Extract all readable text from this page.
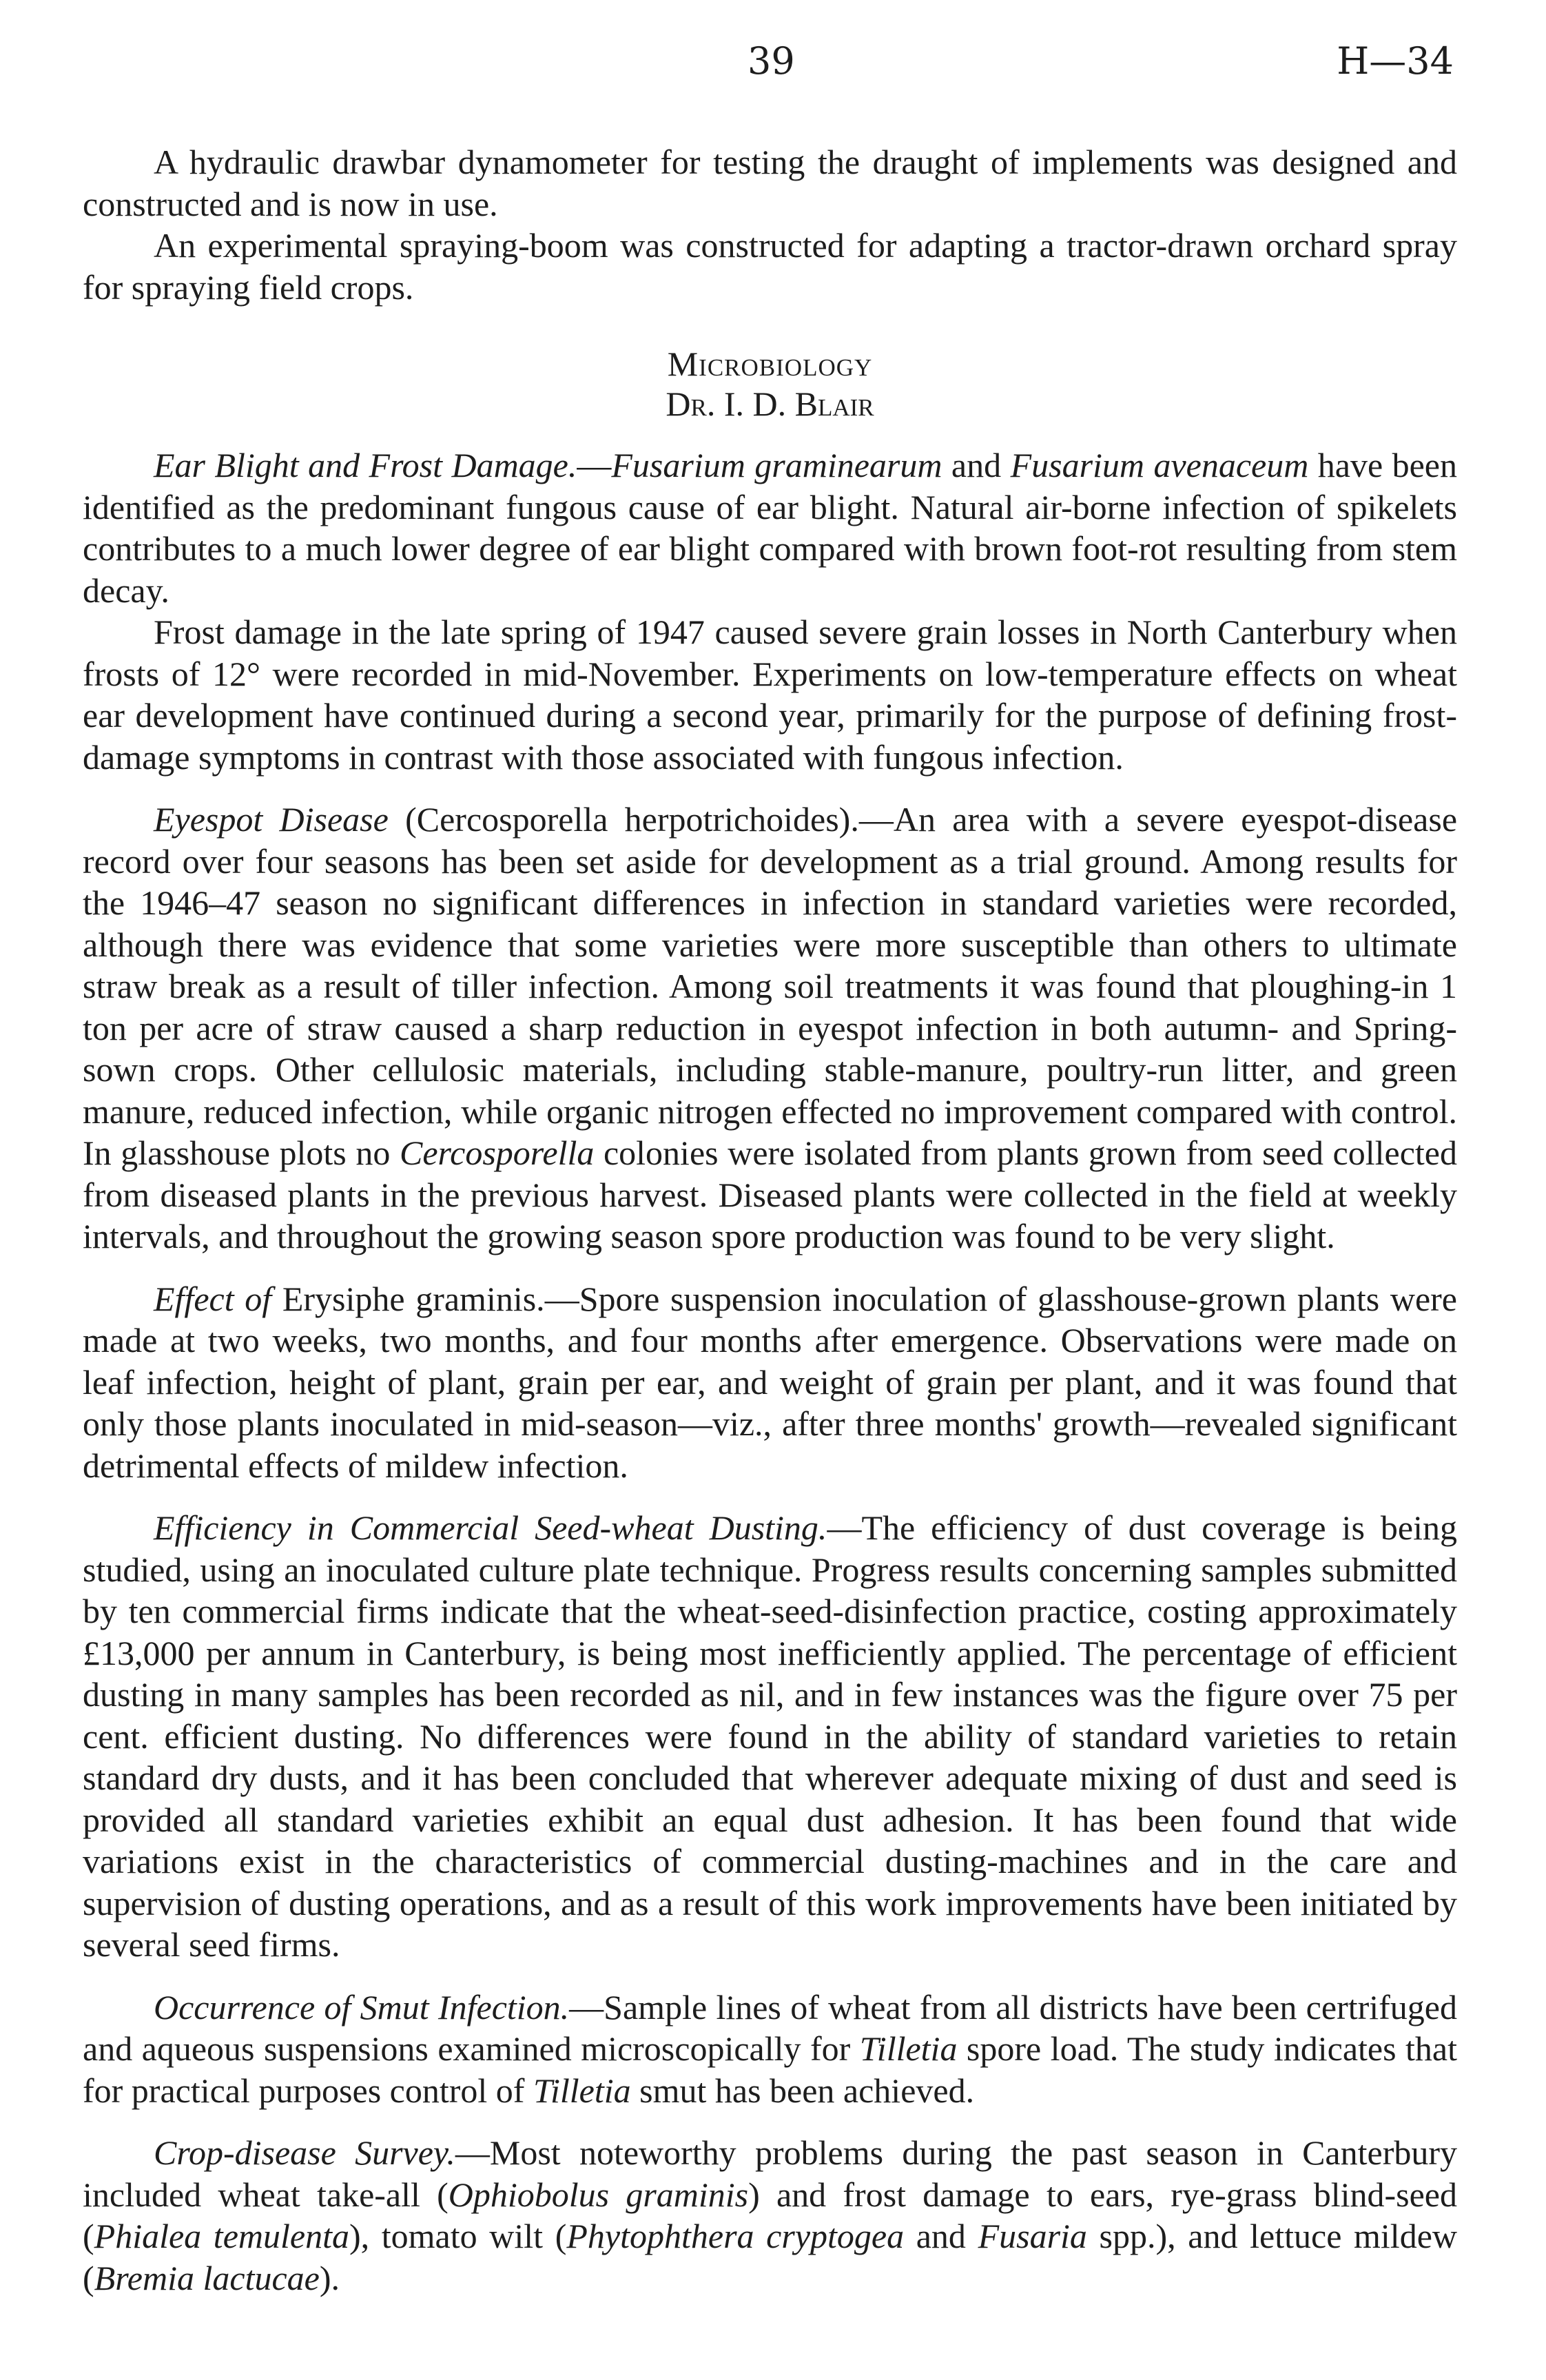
39	H—34

A hydraulic drawbar dynamometer for testing the draught of implements was designed and constructed and is now in use.

An experimental spraying-boom was constructed for adapting a tractor-drawn orchard spray for spraying field crops.

Microbiology
Dr. I. D. Blair

Ear Blight and Frost Damage.—Fusarium graminearum and Fusarium avenaceum have been identified as the predominant fungous cause of ear blight. Natural air-borne infection of spikelets contributes to a much lower degree of ear blight compared with brown foot-rot resulting from stem decay.

Frost damage in the late spring of 1947 caused severe grain losses in North Canterbury when frosts of 12° were recorded in mid-November. Experiments on low-temperature effects on wheat ear development have continued during a second year, primarily for the purpose of defining frost-damage symptoms in contrast with those associated with fungous infection.

Eyespot Disease (Cercosporella herpotrichoides).—An area with a severe eyespot-disease record over four seasons has been set aside for development as a trial ground. Among results for the 1946–47 season no significant differences in infection in standard varieties were recorded, although there was evidence that some varieties were more susceptible than others to ultimate straw break as a result of tiller infection. Among soil treatments it was found that ploughing-in 1 ton per acre of straw caused a sharp reduction in eyespot infection in both autumn- and Spring-sown crops. Other cellulosic materials, including stable-manure, poultry-run litter, and green manure, reduced infection, while organic nitrogen effected no improvement compared with control. In glasshouse plots no Cercosporella colonies were isolated from plants grown from seed collected from diseased plants in the previous harvest. Diseased plants were collected in the field at weekly intervals, and throughout the growing season spore production was found to be very slight.

Effect of Erysiphe graminis.—Spore suspension inoculation of glasshouse-grown plants were made at two weeks, two months, and four months after emergence. Observations were made on leaf infection, height of plant, grain per ear, and weight of grain per plant, and it was found that only those plants inoculated in mid-season—viz., after three months' growth—revealed significant detrimental effects of mildew infection.

Efficiency in Commercial Seed-wheat Dusting.—The efficiency of dust coverage is being studied, using an inoculated culture plate technique. Progress results concerning samples submitted by ten commercial firms indicate that the wheat-seed-disinfection practice, costing approximately £13,000 per annum in Canterbury, is being most inefficiently applied. The percentage of efficient dusting in many samples has been recorded as nil, and in few instances was the figure over 75 per cent. efficient dusting. No differences were found in the ability of standard varieties to retain standard dry dusts, and it has been concluded that wherever adequate mixing of dust and seed is provided all standard varieties exhibit an equal dust adhesion. It has been found that wide variations exist in the characteristics of commercial dusting-machines and in the care and supervision of dusting operations, and as a result of this work improvements have been initiated by several seed firms.

Occurrence of Smut Infection.—Sample lines of wheat from all districts have been certrifuged and aqueous suspensions examined microscopically for Tilletia spore load. The study indicates that for practical purposes control of Tilletia smut has been achieved.

Crop-disease Survey.—Most noteworthy problems during the past season in Canterbury included wheat take-all (Ophiobolus graminis) and frost damage to ears, rye-grass blind-seed (Phialea temulenta), tomato wilt (Phytophthera cryptogea and Fusaria spp.), and lettuce mildew (Bremia lactucae).
